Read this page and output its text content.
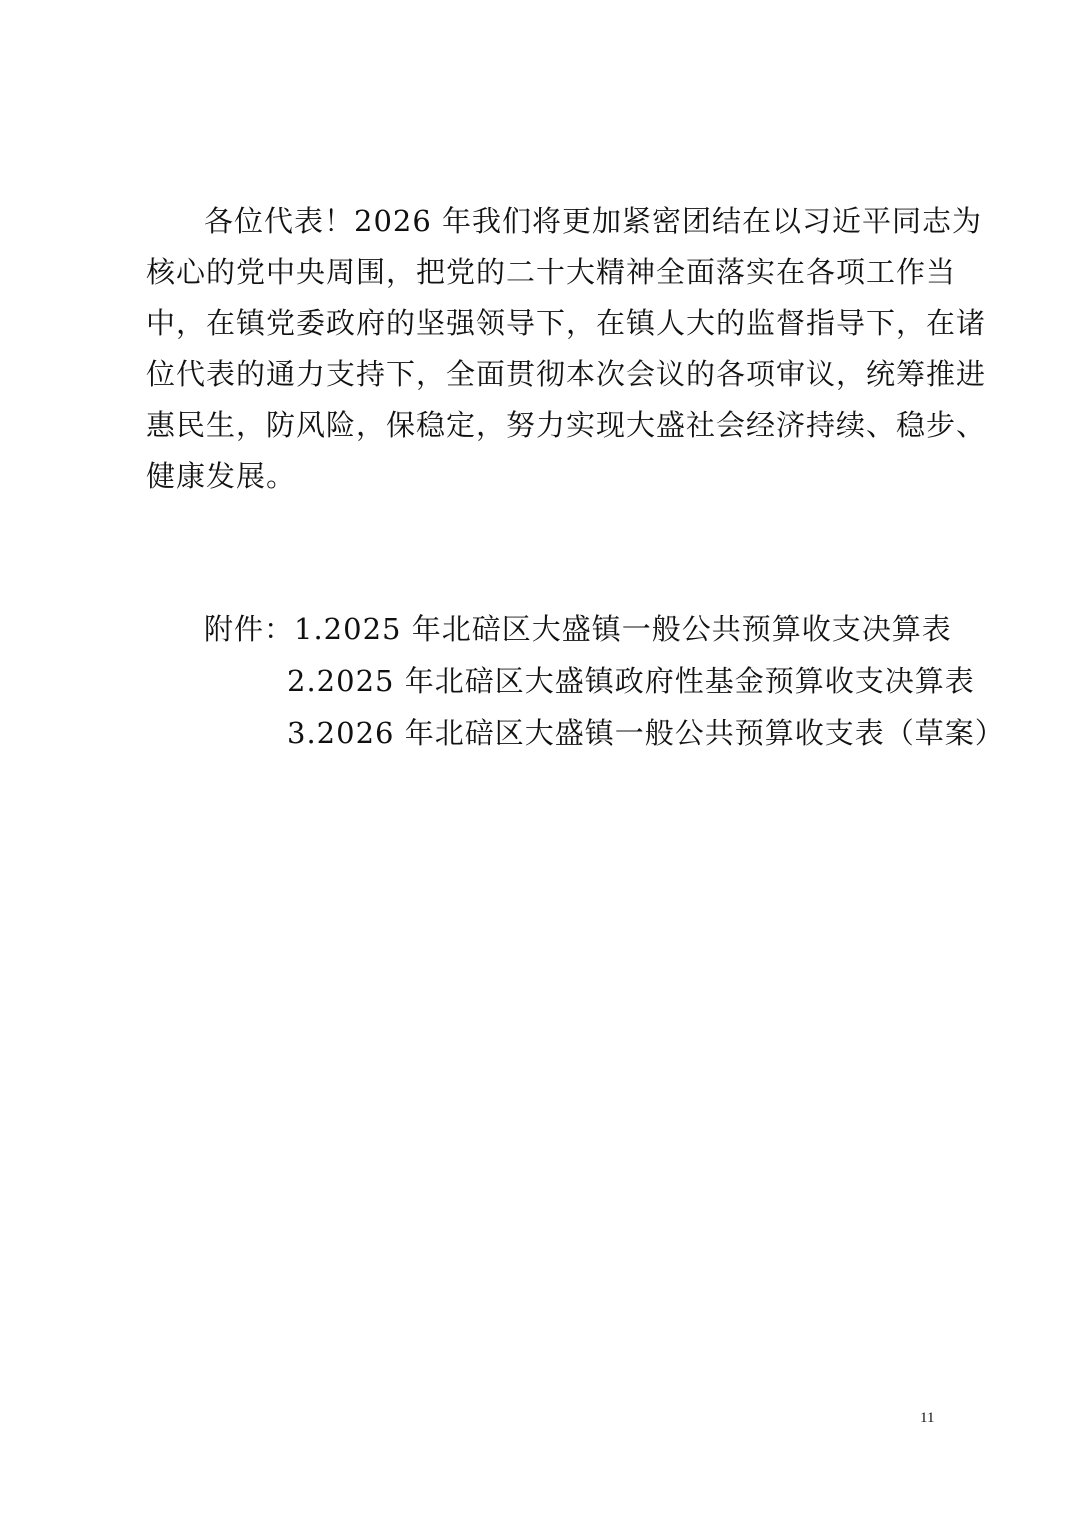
各位代表！2026 年我们将更加紧密团结在以习近平同志为
核心的党中央周围，把党的二十大精神全面落实在各项工作当
中，在镇党委政府的坚强领导下，在镇人大的监督指导下，在诸
位代表的通力支持下，全面贯彻本次会议的各项审议，统筹推进
惠民生，防风险，保稳定，努力实现大盛社会经济持续、稳步、
健康发展。
附件：1.2025 年北碚区大盛镇一般公共预算收支决算表
2.2025 年北碚区大盛镇政府性基金预算收支决算表
3.2026 年北碚区大盛镇一般公共预算收支表（草案）
11
